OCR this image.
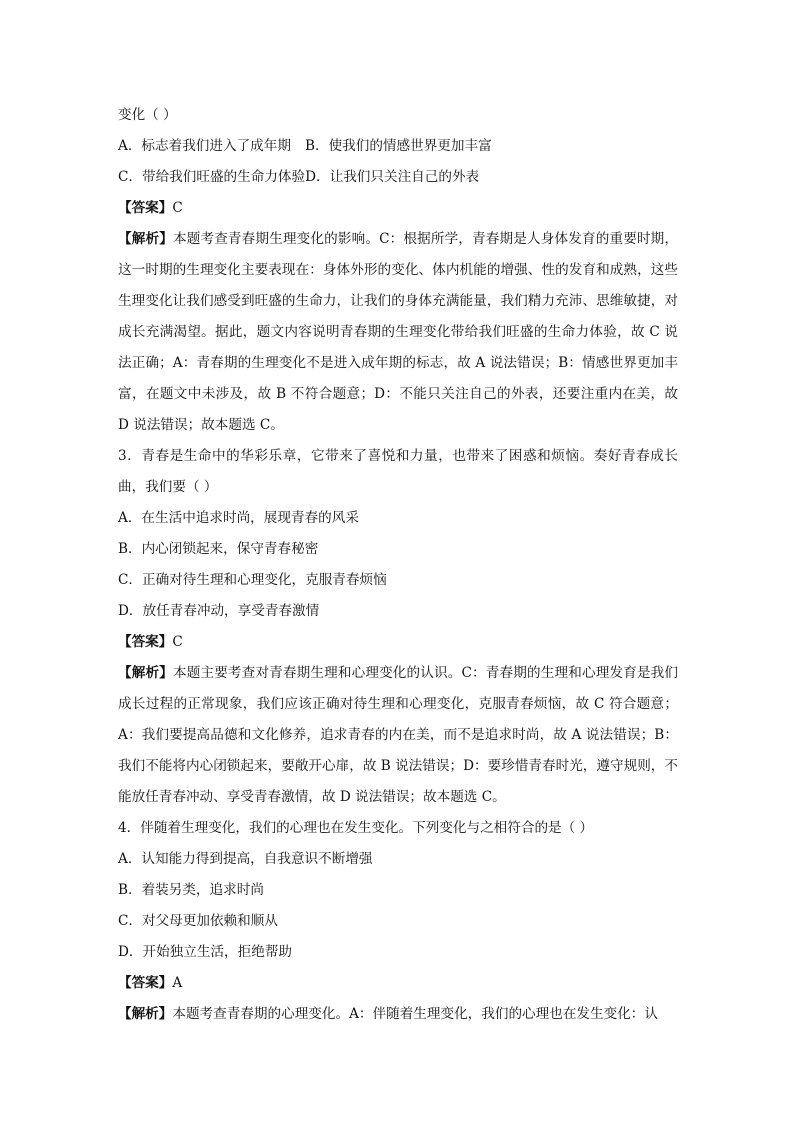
变化（ ）
A．标志着我们进入了成年期 B．使我们的情感世界更加丰富
C．带给我们旺盛的生命力体验D．让我们只关注自己的外表
【答案】C
【解析】本题考查青春期生理变化的影响。C：根据所学，青春期是人身体发育的重要时期，这一时期的生理变化主要表现在：身体外形的变化、体内机能的增强、性的发育和成熟，这些生理变化让我们感受到旺盛的生命力，让我们的身体充满能量，我们精力充沛、思维敏捷，对成长充满渴望。据此，题文内容说明青春期的生理变化带给我们旺盛的生命力体验，故 C 说法正确；A：青春期的生理变化不是进入成年期的标志，故 A 说法错误；B：情感世界更加丰富，在题文中未涉及，故 B 不符合题意；D：不能只关注自己的外表，还要注重内在美，故 D 说法错误；故本题选 C。
3．青春是生命中的华彩乐章，它带来了喜悦和力量，也带来了困惑和烦恼。奏好青春成长曲，我们要（ ）
A．在生活中追求时尚，展现青春的风采
B．内心闭锁起来，保守青春秘密
C．正确对待生理和心理变化，克服青春烦恼
D．放任青春冲动，享受青春激情
【答案】C
【解析】本题主要考查对青春期生理和心理变化的认识。C：青春期的生理和心理发育是我们成长过程的正常现象，我们应该正确对待生理和心理变化，克服青春烦恼，故 C 符合题意；A：我们要提高品德和文化修养，追求青春的内在美，而不是追求时尚，故 A 说法错误；B：我们不能将内心闭锁起来，要敞开心扉，故 B 说法错误；D：要珍惜青春时光，遵守规则，不能放任青春冲动、享受青春激情，故 D 说法错误；故本题选 C。
4．伴随着生理变化，我们的心理也在发生变化。下列变化与之相符合的是（ ）
A．认知能力得到提高，自我意识不断增强
B．着装另类，追求时尚
C．对父母更加依赖和顺从
D．开始独立生活，拒绝帮助
【答案】A
【解析】本题考查青春期的心理变化。A：伴随着生理变化，我们的心理也在发生变化：认
